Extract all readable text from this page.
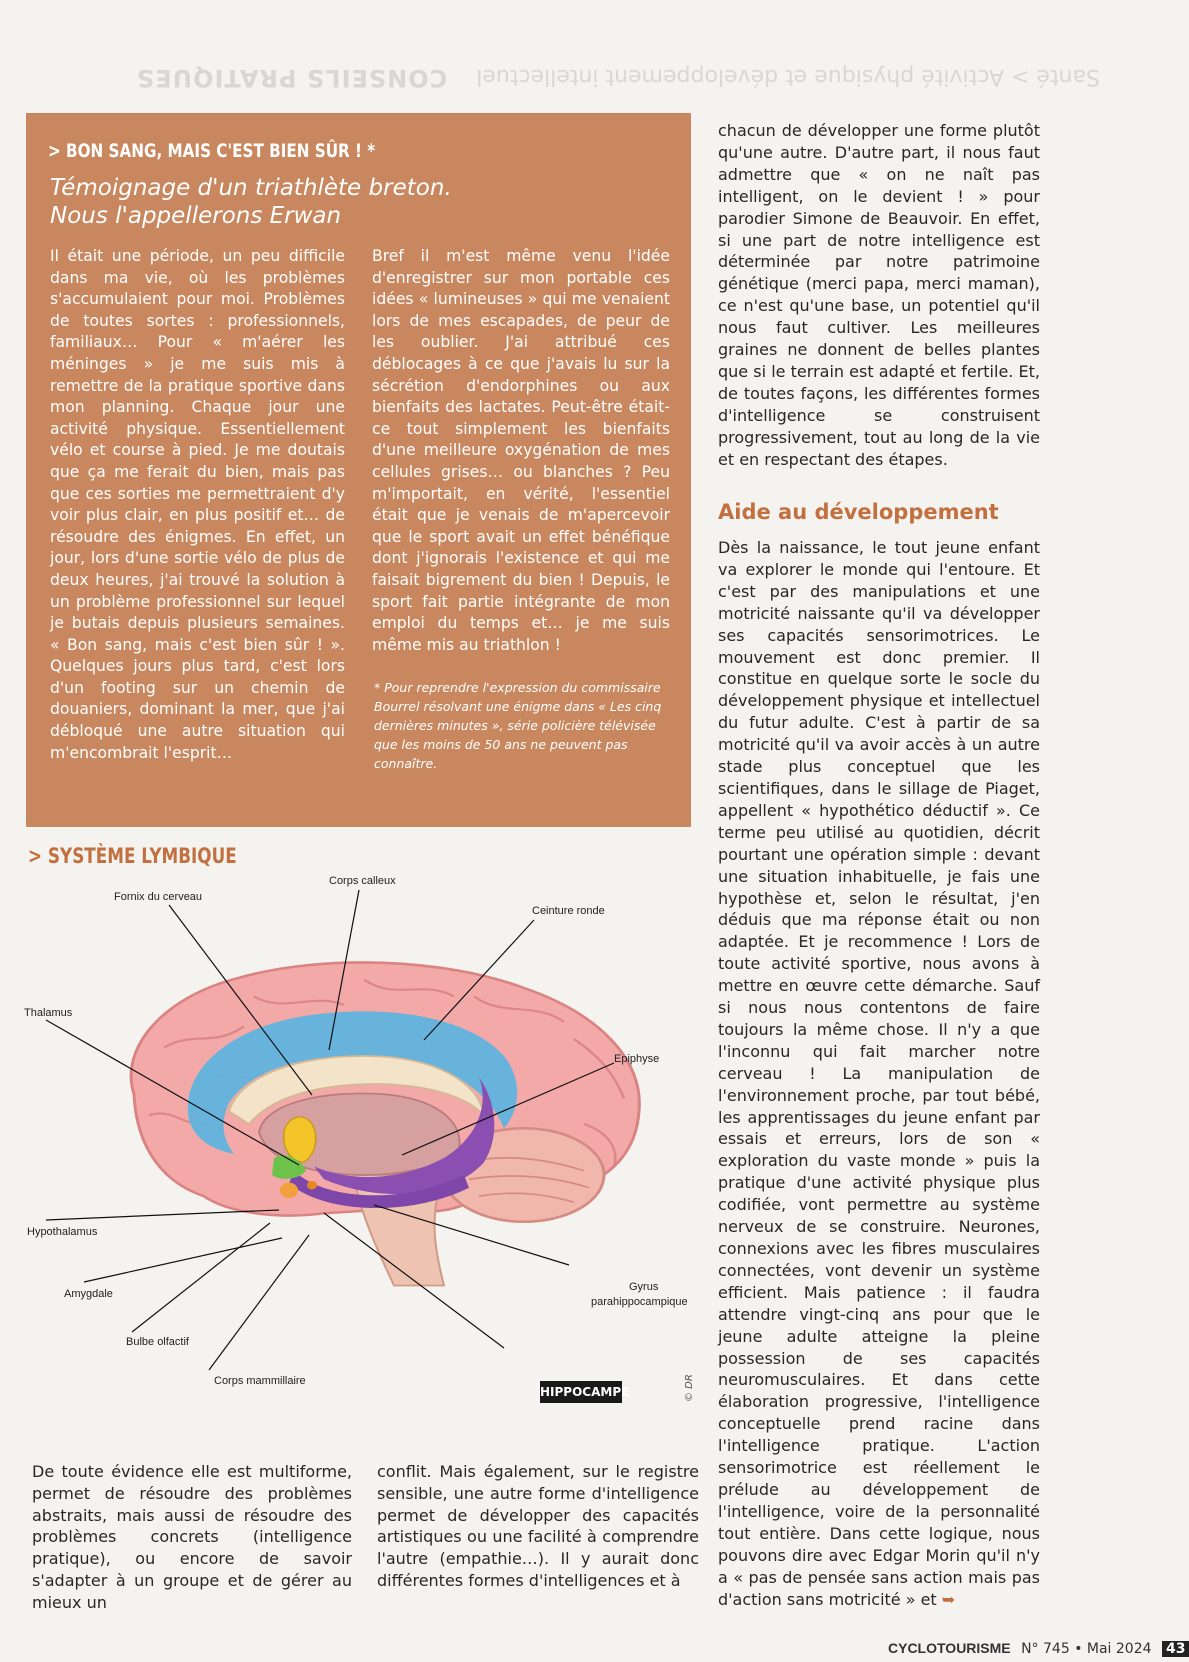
Santé > Activité physique et développement intellectuel CONSEILS PRATIQUES
> BON SANG, MAIS C'EST BIEN SÛR ! *
Témoignage d'un triathlète breton.
Nous l'appellerons Erwan
Il était une période, un peu difficile dans ma vie, où les problèmes s'accumulaient pour moi. Problèmes de toutes sortes : professionnels, familiaux… Pour « m'aérer les méninges » je me suis mis à remettre de la pratique sportive dans mon planning. Chaque jour une activité physique. Essentiellement vélo et course à pied. Je me doutais que ça me ferait du bien, mais pas que ces sorties me permettraient d'y voir plus clair, en plus positif et… de résoudre des énigmes. En effet, un jour, lors d'une sortie vélo de plus de deux heures, j'ai trouvé la solution à un problème professionnel sur lequel je butais depuis plusieurs semaines. « Bon sang, mais c'est bien sûr ! ». Quelques jours plus tard, c'est lors d'un footing sur un chemin de douaniers, dominant la mer, que j'ai débloqué une autre situation qui m'encombrait l'esprit…
Bref il m'est même venu l'idée d'enregistrer sur mon portable ces idées « lumineuses » qui me venaient lors de mes escapades, de peur de les oublier. J'ai attribué ces déblocages à ce que j'avais lu sur la sécrétion d'endorphines ou aux bienfaits des lactates. Peut-être était-ce tout simplement les bienfaits d'une meilleure oxygénation de mes cellules grises… ou blanches ? Peu m'importait, en vérité, l'essentiel était que je venais de m'apercevoir que le sport avait un effet bénéfique dont j'ignorais l'existence et qui me faisait bigrement du bien ! Depuis, le sport fait partie intégrante de mon emploi du temps et… je me suis même mis au triathlon !
* Pour reprendre l'expression du commissaire Bourrel résolvant une énigme dans « Les cinq dernières minutes », série policière télévisée que les moins de 50 ans ne peuvent pas connaître.
> SYSTÈME LYMBIQUE
Fornix du cerveau
Corps calleux
Ceinture ronde
Thalamus
Epiphyse
Hypothalamus
Amygdale
Bulbe olfactif
Corps mammillaire
Gyrus
parahippocampique
HIPPOCAMPE	© DR
De toute évidence elle est multiforme, permet de résoudre des problèmes abstraits, mais aussi de résoudre des problèmes concrets (intelligence pratique), ou encore de savoir s'adapter à un groupe et de gérer au mieux un
conflit. Mais également, sur le registre sensible, une autre forme d'intelligence permet de développer des capacités artistiques ou une facilité à comprendre l'autre (empathie…). Il y aurait donc différentes formes d'intelligences et à
chacun de développer une forme plutôt qu'une autre. D'autre part, il nous faut admettre que « on ne naît pas intelligent, on le devient ! » pour parodier Simone de Beauvoir. En effet, si une part de notre intelligence est déterminée par notre patrimoine génétique (merci papa, merci maman), ce n'est qu'une base, un potentiel qu'il nous faut cultiver. Les meilleures graines ne donnent de belles plantes que si le terrain est adapté et fertile. Et, de toutes façons, les différentes formes d'intelligence se construisent progressivement, tout au long de la vie et en respectant des étapes.
Aide au développement
Dès la naissance, le tout jeune enfant va explorer le monde qui l'entoure. Et c'est par des manipulations et une motricité naissante qu'il va développer ses capacités sensorimotrices. Le mouvement est donc premier. Il constitue en quelque sorte le socle du développement physique et intellectuel du futur adulte. C'est à partir de sa motricité qu'il va avoir accès à un autre stade plus conceptuel que les scientifiques, dans le sillage de Piaget, appellent « hypothético déductif ». Ce terme peu utilisé au quotidien, décrit pourtant une opération simple : devant une situation inhabituelle, je fais une hypothèse et, selon le résultat, j'en déduis que ma réponse était ou non adaptée. Et je recommence ! Lors de toute activité sportive, nous avons à mettre en œuvre cette démarche. Sauf si nous nous contentons de faire toujours la même chose. Il n'y a que l'inconnu qui fait marcher notre cerveau ! La manipulation de l'environnement proche, par tout bébé, les apprentissages du jeune enfant par essais et erreurs, lors de son « exploration du vaste monde » puis la pratique d'une activité physique plus codifiée, vont permettre au système nerveux de se construire. Neurones, connexions avec les fibres musculaires connectées, vont devenir un système efficient. Mais patience : il faudra attendre vingt-cinq ans pour que le jeune adulte atteigne la pleine possession de ses capacités neuromusculaires. Et dans cette élaboration progressive, l'intelligence conceptuelle prend racine dans l'intelligence pratique. L'action sensorimotrice est réellement le prélude au développement de l'intelligence, voire de la personnalité tout entière. Dans cette logique, nous pouvons dire avec Edgar Morin qu'il n'y a « pas de pensée sans action mais pas d'action sans motricité » et ➥
CYCLOTOURISME N° 745 • Mai 2024 43
